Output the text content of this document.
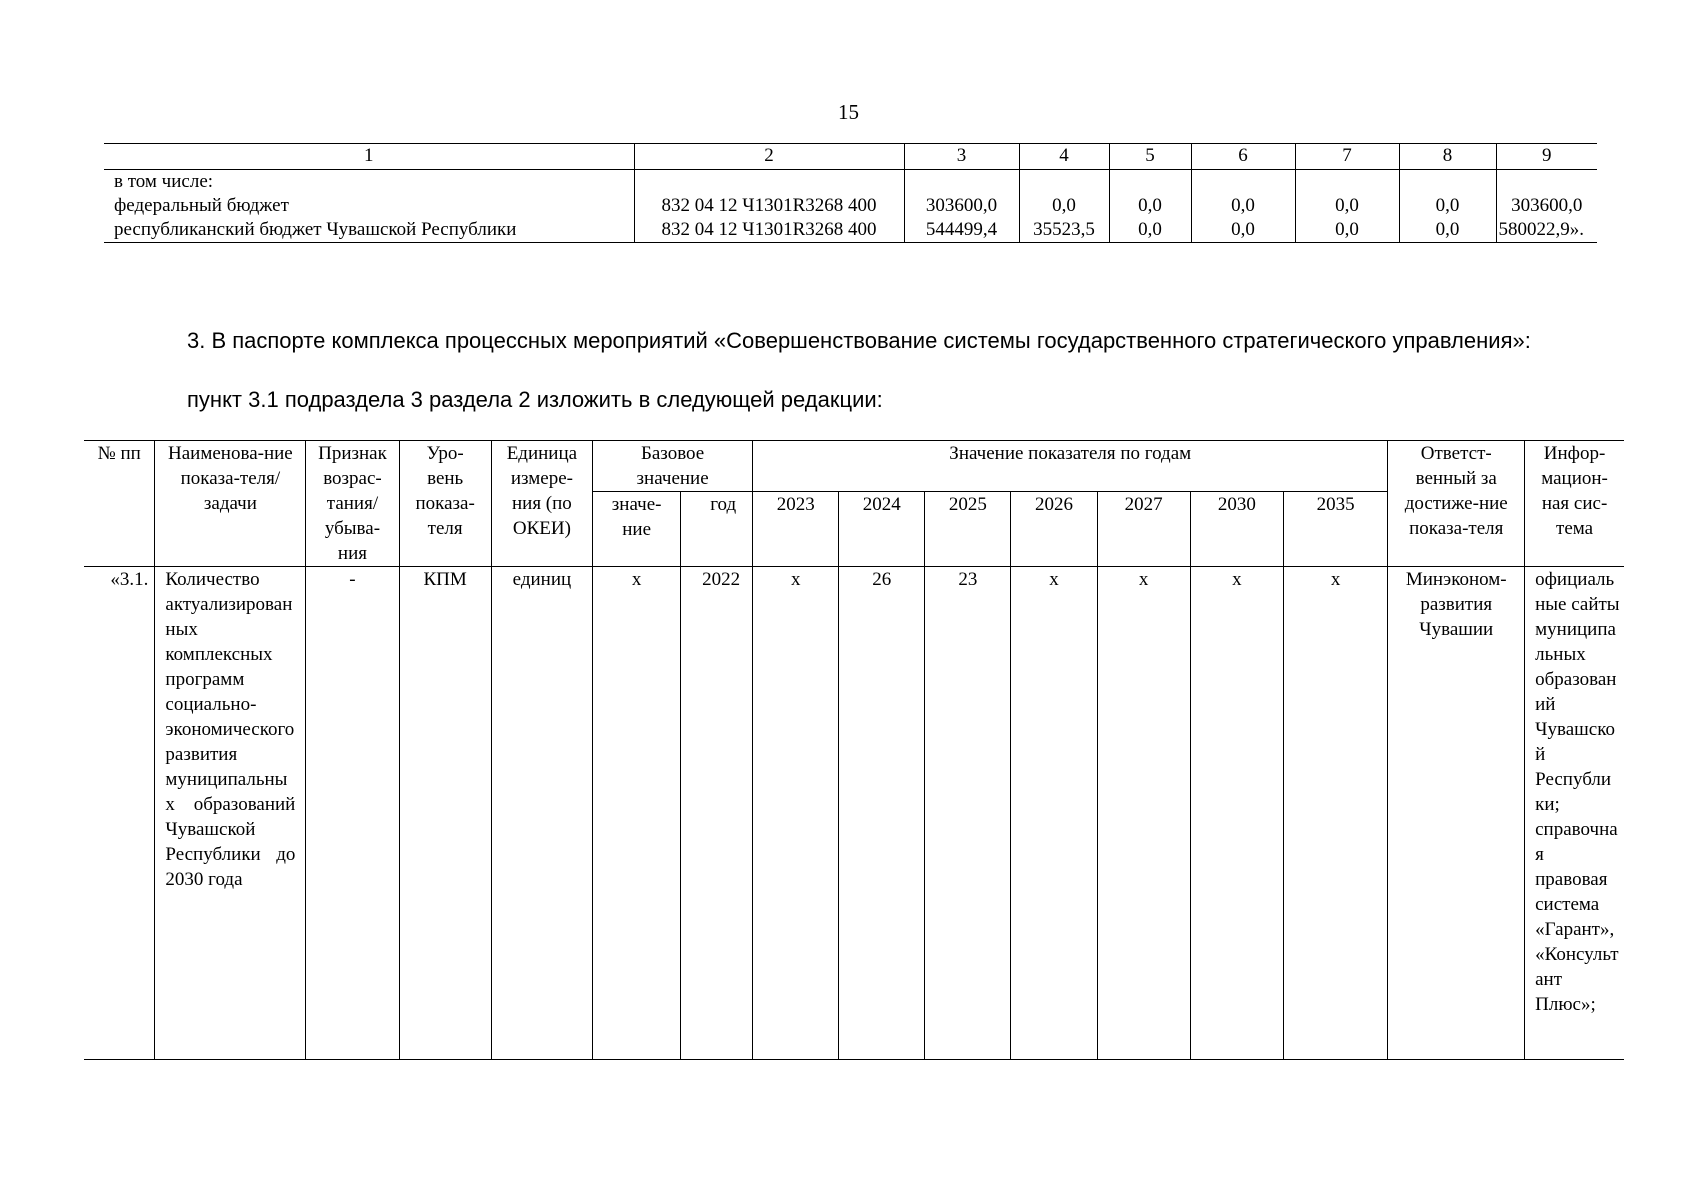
15
1	2	3	4	5	6	7	8	9
в том числе:								
федеральный бюджет	832 04 12 Ч1301R3268 400	303600,0	0,0	0,0	0,0	0,0	0,0	303600,0
республиканский бюджет Чувашской Республики	832 04 12 Ч1301R3268 400	544499,4	35523,5	0,0	0,0	0,0	0,0	580022,9».
3. В паспорте комплекса процессных мероприятий «Совершенствование системы государственного стратегического управления»:
пункт 3.1 подраздела 3 раздела 2 изложить в следующей редакции:
№ пп	Наименова-ние показа-теля/задачи	Признак возрас-тания/ убыва-ния	Уро-вень показа-теля	Единица измере-ния (по ОКЕИ)	Базовое значение		Значение показателя по годам							Ответст-венный за достиже-ние показа-теля	Инфор-мацион-ная сис-тема
					значе-ние	год	2023	2024	2025	2026	2027	2030	2035		
«3.1.	Количество актуализированных комплексных программ социально-экономического развития муниципальных образований Чувашской Республики до 2030 года	-	КПМ	единиц	х	2022	х	26	23	х	х	х	х	Минэконом-развития Чувашии	официальные сайты муниципальных образований Чувашской Республики; справочная правовая система «Гарант», «Консультант Плюс»;
